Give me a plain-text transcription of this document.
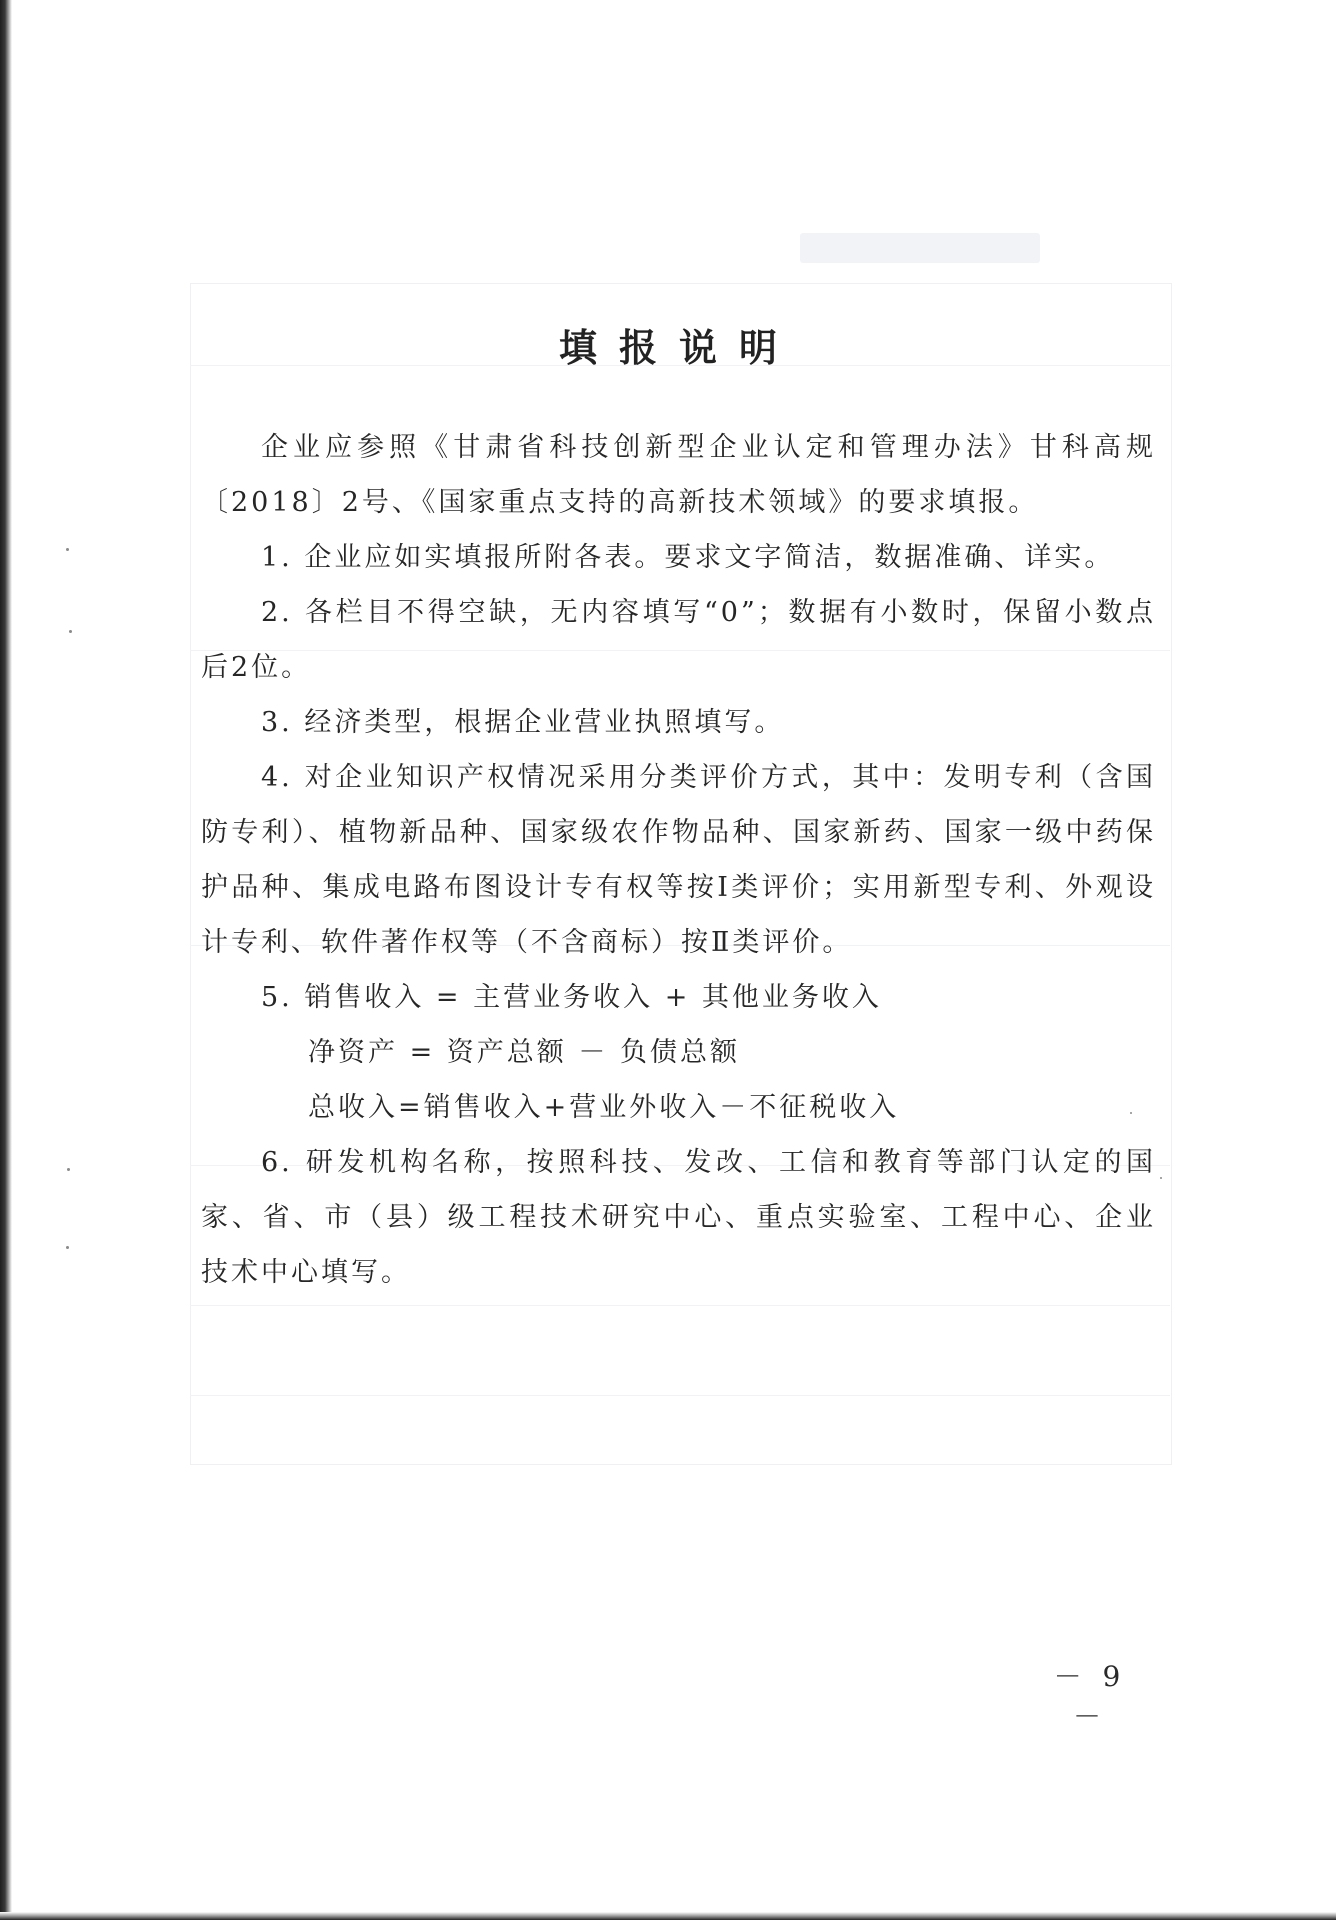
填报说明

企业应参照《甘肃省科技创新型企业认定和管理办法》甘科高规〔2018〕2号、《国家重点支持的高新技术领域》的要求填报。

1. 企业应如实填报所附各表。要求文字简洁，数据准确、详实。

2. 各栏目不得空缺，无内容填写“0”；数据有小数时，保留小数点后2位。

3. 经济类型，根据企业营业执照填写。

4. 对企业知识产权情况采用分类评价方式，其中：发明专利（含国防专利）、植物新品种、国家级农作物品种、国家新药、国家一级中药保护品种、集成电路布图设计专有权等按Ⅰ类评价；实用新型专利、外观设计专利、软件著作权等（不含商标）按Ⅱ类评价。

5. 销售收入 = 主营业务收入 + 其他业务收入

净资产 = 资产总额 － 负债总额

总收入=销售收入+营业外收入－不征税收入

6. 研发机构名称，按照科技、发改、工信和教育等部门认定的国家、省、市（县）级工程技术研究中心、重点实验室、工程中心、企业技术中心填写。

－ 9 －
